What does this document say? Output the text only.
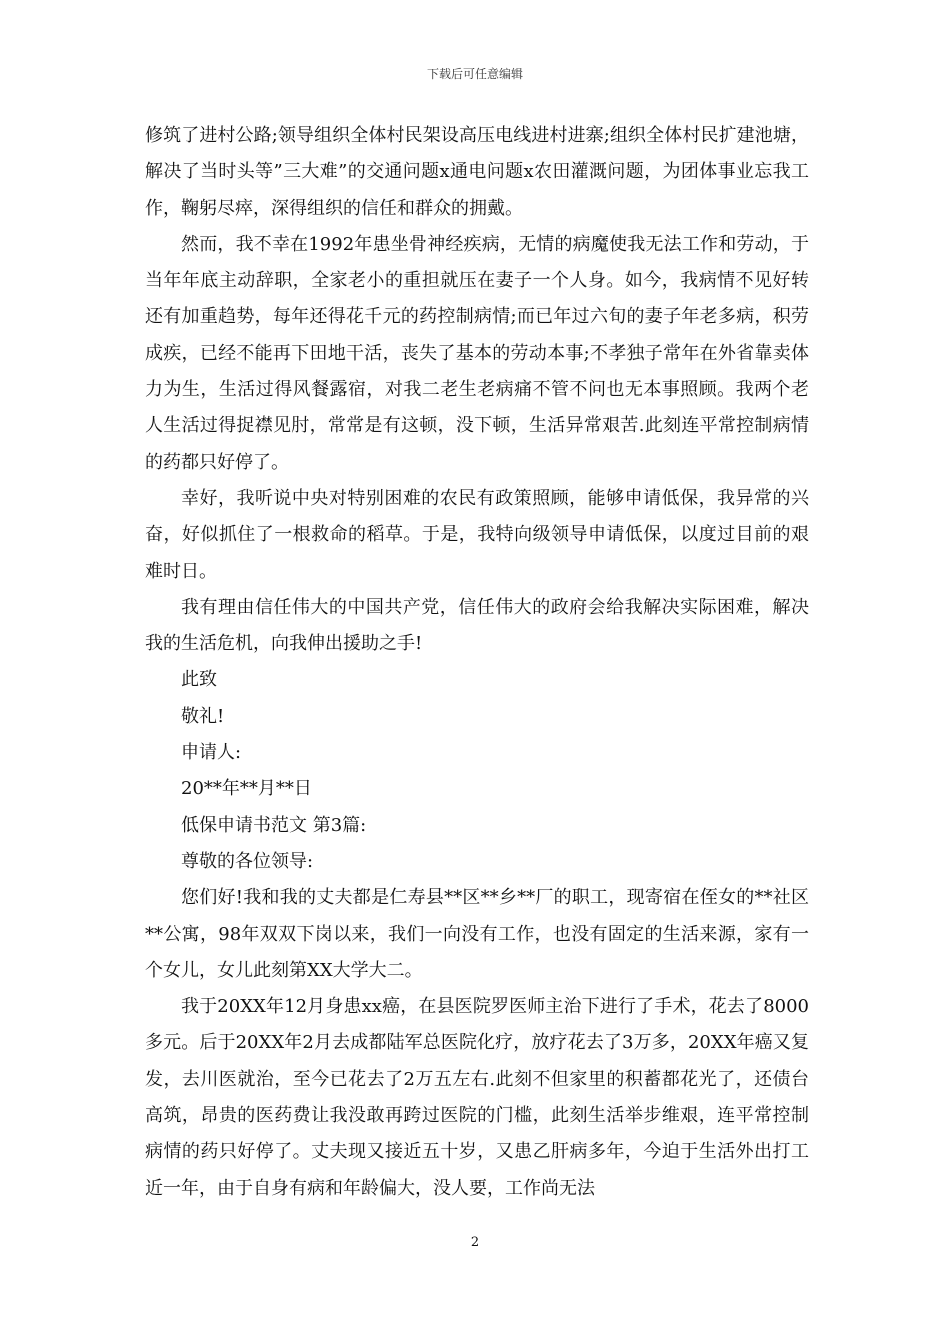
下载后可任意编辑

修筑了进村公路;领导组织全体村民架设高压电线进村进寨;组织全体村民扩建池塘，解决了当时头等”三大难”的交通问题x通电问题x农田灌溉问题，为团体事业忘我工作，鞠躬尽瘁，深得组织的信任和群众的拥戴。

然而，我不幸在1992年患坐骨神经疾病，无情的病魔使我无法工作和劳动，于当年年底主动辞职，全家老小的重担就压在妻子一个人身。如今，我病情不见好转还有加重趋势，每年还得花千元的药控制病情;而已年过六旬的妻子年老多病，积劳成疾，已经不能再下田地干活，丧失了基本的劳动本事;不孝独子常年在外省靠卖体力为生，生活过得风餐露宿，对我二老生老病痛不管不问也无本事照顾。我两个老人生活过得捉襟见肘，常常是有这顿，没下顿，生活异常艰苦.此刻连平常控制病情的药都只好停了。

幸好，我听说中央对特别困难的农民有政策照顾，能够申请低保，我异常的兴奋，好似抓住了一根救命的稻草。于是，我特向级领导申请低保，以度过目前的艰难时日。

我有理由信任伟大的中国共产党，信任伟大的政府会给我解决实际困难，解决我的生活危机，向我伸出援助之手!

此致

敬礼!

申请人:

20**年**月**日

低保申请书范文 第3篇:

尊敬的各位领导:

您们好!我和我的丈夫都是仁寿县**区**乡**厂的职工，现寄宿在侄女的**社区**公寓，98年双双下岗以来，我们一向没有工作，也没有固定的生活来源，家有一个女儿，女儿此刻第XX大学大二。

我于20XX年12月身患xx癌，在县医院罗医师主治下进行了手术，花去了8000多元。后于20XX年2月去成都陆军总医院化疗，放疗花去了3万多，20XX年癌又复发，去川医就治，至今已花去了2万五左右.此刻不但家里的积蓄都花光了，还债台高筑，昂贵的医药费让我没敢再跨过医院的门槛，此刻生活举步维艰，连平常控制病情的药只好停了。丈夫现又接近五十岁，又患乙肝病多年，今迫于生活外出打工近一年，由于自身有病和年龄偏大，没人要，工作尚无法

2
